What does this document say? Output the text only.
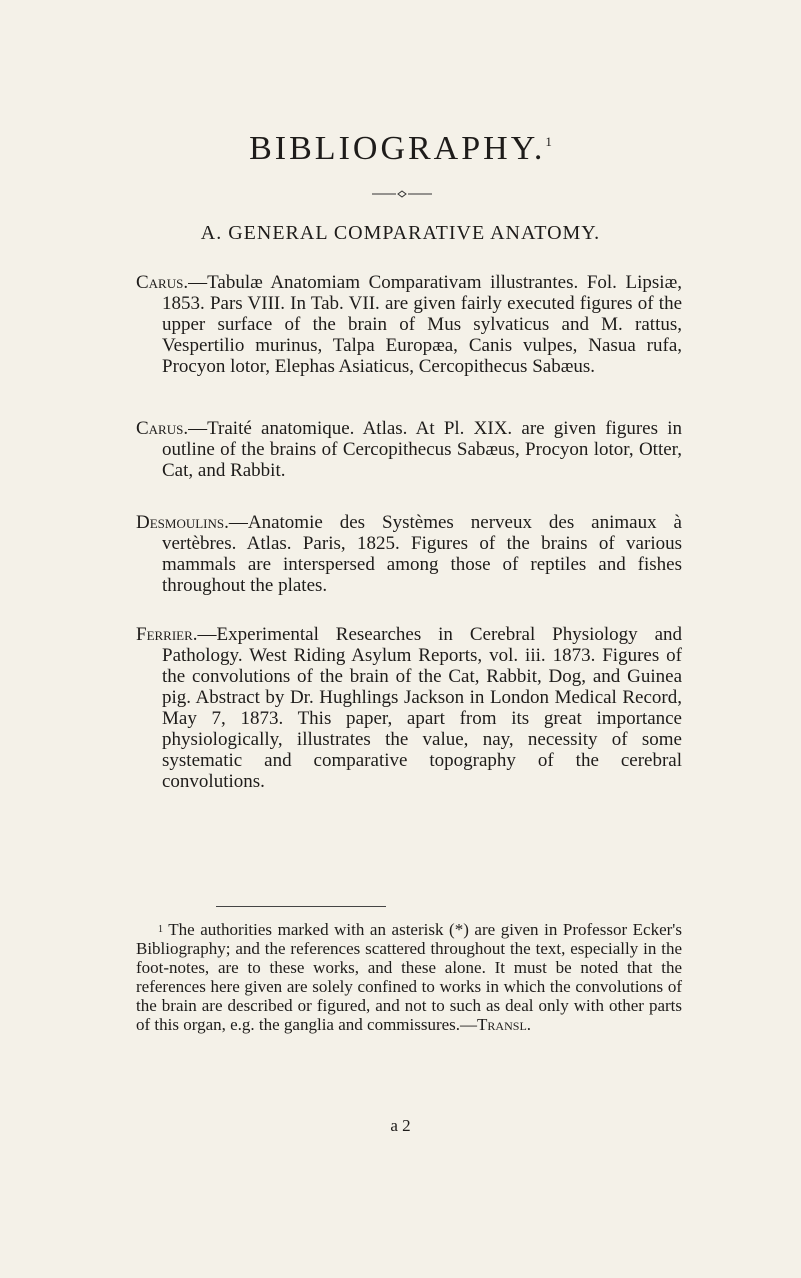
BIBLIOGRAPHY.$^1$
A. GENERAL COMPARATIVE ANATOMY.

Carus.—Tabulæ Anatomiam Comparativam illustrantes. Fol. Lipsiæ, 1853. Pars VIII. In Tab. VII. are given fairly executed figures of the upper surface of the brain of Mus sylvaticus and M. rattus, Vespertilio murinus, Talpa Europæa, Canis vulpes, Nasua rufa, Procyon lotor, Elephas Asiaticus, Cercopithecus Sabæus.

Carus.—Traité anatomique. Atlas. At Pl. XIX. are given figures in outline of the brains of Cercopithecus Sabæus, Procyon lotor, Otter, Cat, and Rabbit.

Desmoulins.—Anatomie des Systèmes nerveux des animaux à vertèbres. Atlas. Paris, 1825. Figures of the brains of various mammals are interspersed among those of reptiles and fishes throughout the plates.

Ferrier.—Experimental Researches in Cerebral Physiology and Pathology. West Riding Asylum Reports, vol. iii. 1873. Figures of the convolutions of the brain of the Cat, Rabbit, Dog, and Guinea pig. Abstract by Dr. Hughlings Jackson in London Medical Record, May 7, 1873. This paper, apart from its great importance physiologically, illustrates the value, nay, necessity of some systematic and comparative topography of the cerebral convolutions.

$^1$ The authorities marked with an asterisk (*) are given in Professor Ecker's Bibliography; and the references scattered throughout the text, especially in the foot-notes, are to these works, and these alone. It must be noted that the references here given are solely confined to works in which the convolutions of the brain are described or figured, and not to such as deal only with other parts of this organ, e.g. the ganglia and commissures.—Transl.

a 2
